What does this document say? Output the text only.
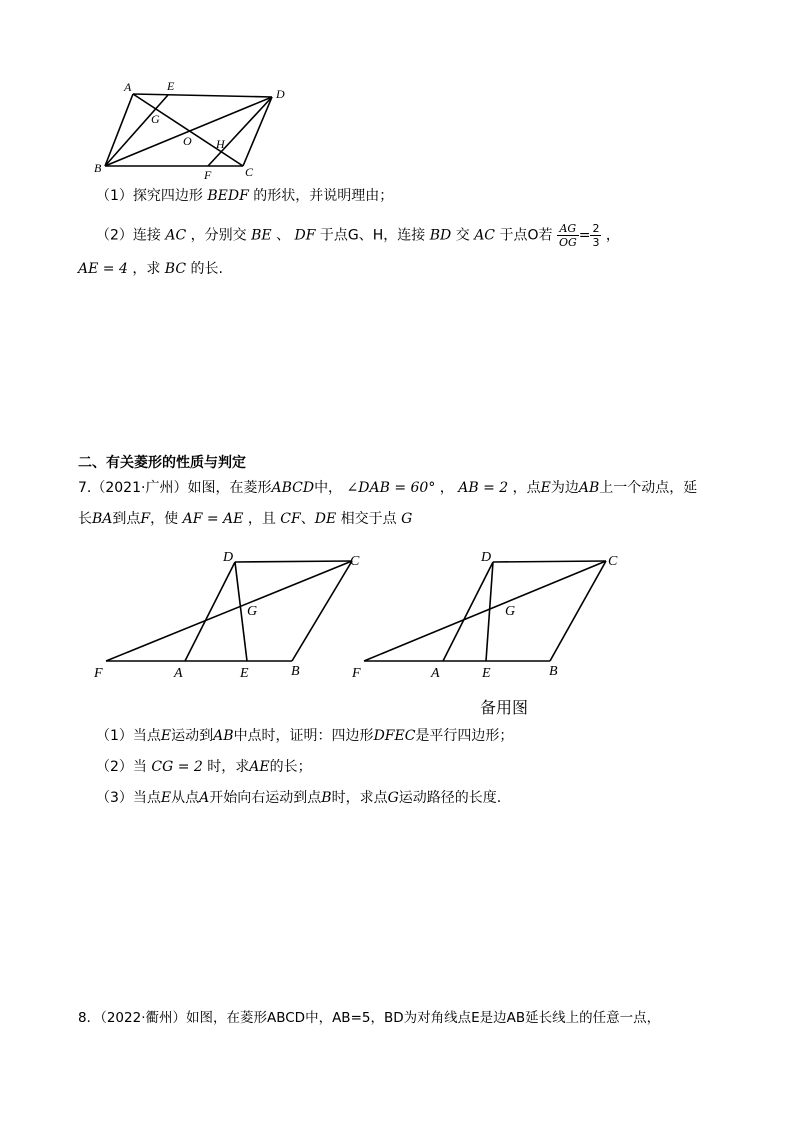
A	E
D
G
O H
B	F	C
（1）探究四边形 BEDF 的形状，并说明理由；
（2）连接 AC ，分别交 BE 、 DF 于点G、H，连接 BD 交 AC 于点O若 $\frac{AG}{OG} = \frac{2}{3}$ ，
AE = 4 ，求 BC 的长.
二、有关菱形的性质与判定
7.（2021·广州）如图，在菱形ABCD中， ∠DAB = 60° ， AB = 2 ，点E为边AB上一个动点，延
长BA到点F，使 AF = AE ，且 CF、DE 相交于点 G
D	C
G
F	A	E	B
D	C
G
F	A	E	B
备用图
（1）当点E运动到AB中点时，证明：四边形DFEC是平行四边形；
（2）当 CG = 2 时，求AE的长；
（3）当点E从点A开始向右运动到点B时，求点G运动路径的长度.
8．（2022·衢州）如图，在菱形ABCD中，AB=5，BD为对角线点E是边AB延长线上的任意一点，
